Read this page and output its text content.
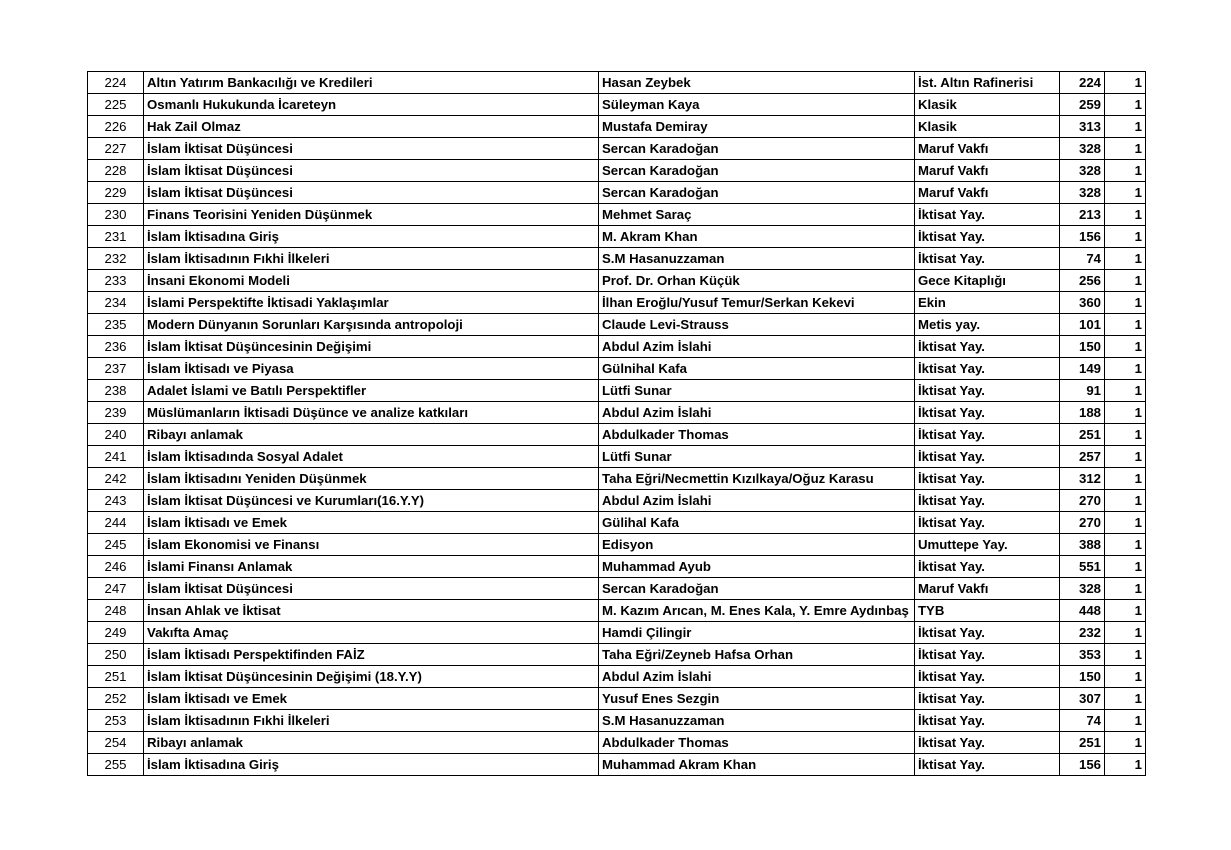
224	Altın Yatırım Bankacılığı ve Kredileri	Hasan Zeybek	İst. Altın Rafinerisi	224	1
225	Osmanlı Hukukunda İcareteyn	Süleyman Kaya	Klasik	259	1
226	Hak Zail Olmaz	Mustafa Demiray	Klasik	313	1
227	İslam İktisat Düşüncesi	Sercan Karadoğan	Maruf Vakfı	328	1
228	İslam İktisat Düşüncesi	Sercan Karadoğan	Maruf Vakfı	328	1
229	İslam İktisat Düşüncesi	Sercan Karadoğan	Maruf Vakfı	328	1
230	Finans Teorisini Yeniden Düşünmek	Mehmet Saraç	İktisat Yay.	213	1
231	İslam İktisadına Giriş	M. Akram Khan	İktisat Yay.	156	1
232	İslam İktisadının Fıkhi İlkeleri	S.M Hasanuzzaman	İktisat Yay.	74	1
233	İnsani Ekonomi Modeli	Prof. Dr. Orhan Küçük	Gece Kitaplığı	256	1
234	İslami Perspektifte İktisadi Yaklaşımlar	İlhan Eroğlu/Yusuf Temur/Serkan Kekevi	Ekin	360	1
235	Modern Dünyanın Sorunları Karşısında antropoloji	Claude Levi-Strauss	Metis yay.	101	1
236	İslam İktisat Düşüncesinin Değişimi	Abdul Azim İslahi	İktisat Yay.	150	1
237	İslam İktisadı ve Piyasa	Gülnihal Kafa	İktisat Yay.	149	1
238	Adalet İslami ve Batılı Perspektifler	Lütfi Sunar	İktisat Yay.	91	1
239	Müslümanların İktisadi Düşünce ve analize katkıları	Abdul Azim İslahi	İktisat Yay.	188	1
240	Ribayı anlamak	Abdulkader Thomas	İktisat Yay.	251	1
241	İslam İktisadında Sosyal Adalet	Lütfi Sunar	İktisat Yay.	257	1
242	İslam İktisadını Yeniden Düşünmek	Taha Eğri/Necmettin Kızılkaya/Oğuz Karasu	İktisat Yay.	312	1
243	İslam İktisat Düşüncesi ve Kurumları(16.Y.Y)	Abdul Azim İslahi	İktisat Yay.	270	1
244	İslam İktisadı ve Emek	Gülihal Kafa	İktisat Yay.	270	1
245	İslam Ekonomisi ve Finansı	Edisyon	Umuttepe Yay.	388	1
246	İslami Finansı Anlamak	Muhammad Ayub	İktisat Yay.	551	1
247	İslam İktisat Düşüncesi	Sercan Karadoğan	Maruf Vakfı	328	1
248	İnsan Ahlak ve İktisat	M. Kazım Arıcan, M. Enes Kala, Y. Emre Aydınbaş	TYB	448	1
249	Vakıfta Amaç	Hamdi Çilingir	İktisat Yay.	232	1
250	İslam İktisadı Perspektifinden FAİZ	Taha Eğri/Zeyneb Hafsa Orhan	İktisat Yay.	353	1
251	İslam İktisat Düşüncesinin Değişimi (18.Y.Y)	Abdul Azim İslahi	İktisat Yay.	150	1
252	İslam İktisadı ve Emek	Yusuf Enes Sezgin	İktisat Yay.	307	1
253	İslam İktisadının Fıkhi İlkeleri	S.M Hasanuzzaman	İktisat Yay.	74	1
254	Ribayı anlamak	Abdulkader Thomas	İktisat Yay.	251	1
255	İslam İktisadına Giriş	Muhammad Akram Khan	İktisat Yay.	156	1
